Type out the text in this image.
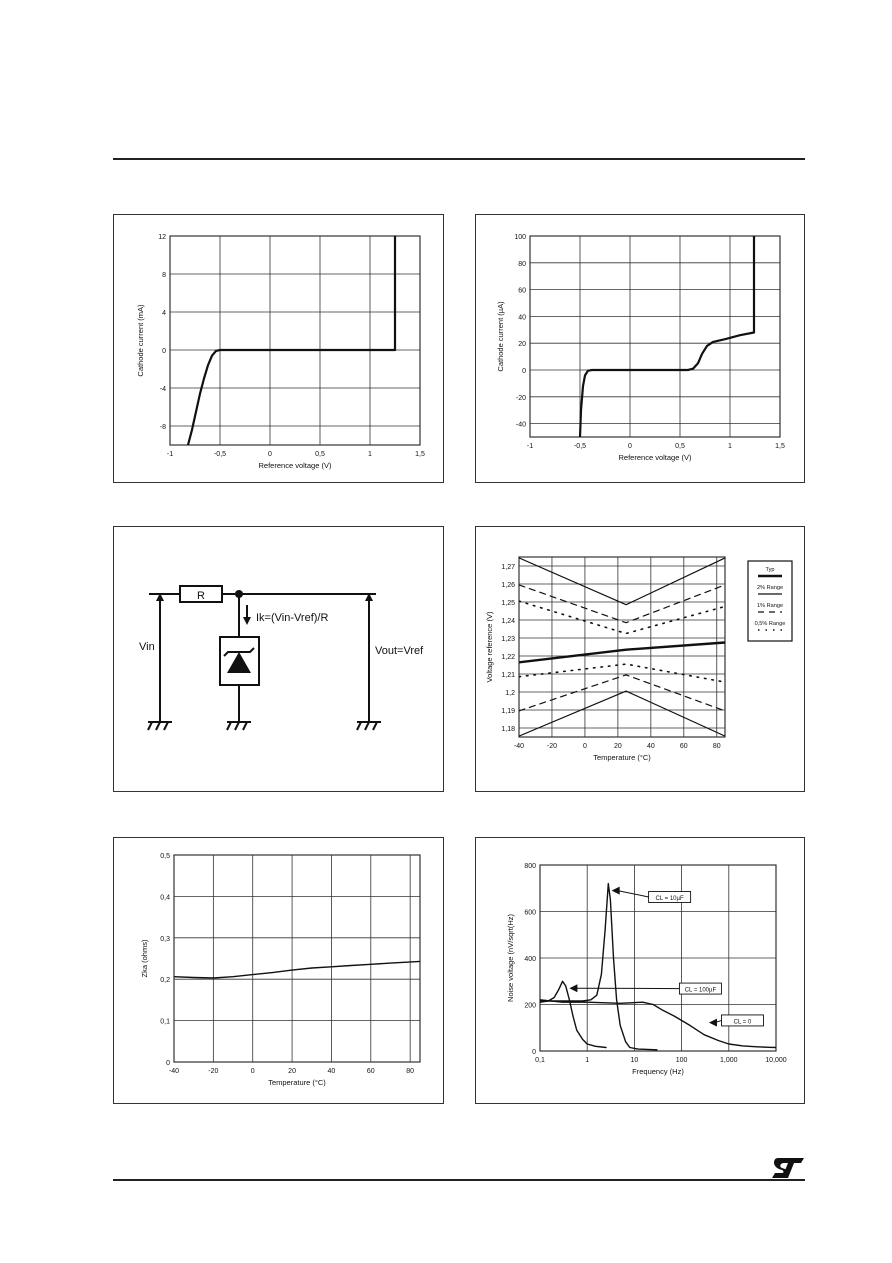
-1	-0,5	0	0,5	1	1,5
-8
-4
0
4
8
12
Reference voltage (V)
Cathode current (mA)
-1	-0,5	0	0,5	1	1,5
-40
-20
0
20
40
60
80
100
Reference voltage (V)
Cathode current (µA)
R
Ik=(Vin-Vref)/R
Vin	Vout=Vref
-40	-20	0	20	40	60	80
1,18
1,19
1,2
1,21
1,22
1,23
1,24
1,25
1,26
1,27
Temperature (°C)
Voltage reference (V)
Typ
2% Range
1% Range
0,5% Range
-40	-20	0	20	40	60	80
0
0,1
0,2
0,3
0,4
0,5
Temperature (°C)
Zka (ohms)
0,1	1	10	100	1,000	10,000
0
200
400
600
800
Frequency (Hz)
Noise voltage (nV/sqrt(Hz)
CL = 10µF
CL = 100µF
CL = 0
